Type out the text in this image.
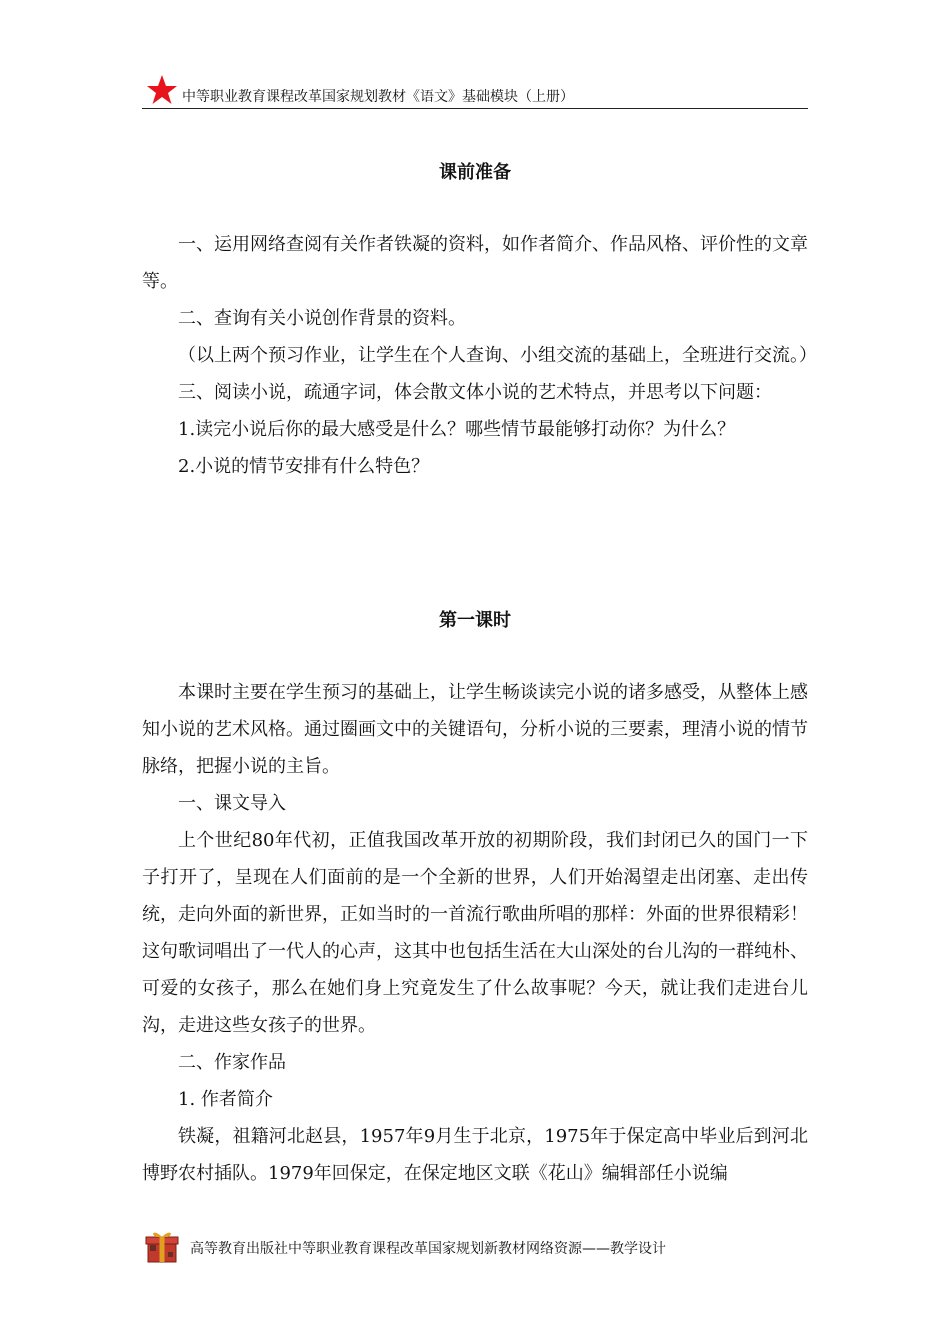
中等职业教育课程改革国家规划教材《语文》基础模块（上册）
课前准备

一、运用网络查阅有关作者铁凝的资料，如作者简介、作品风格、评价性的文章等。

二、查询有关小说创作背景的资料。

（以上两个预习作业，让学生在个人查询、小组交流的基础上，全班进行交流。）

三、阅读小说，疏通字词，体会散文体小说的艺术特点，并思考以下问题：

1.读完小说后你的最大感受是什么？哪些情节最能够打动你？为什么？

2.小说的情节安排有什么特色？

第一课时

本课时主要在学生预习的基础上，让学生畅谈读完小说的诸多感受，从整体上感知小说的艺术风格。通过圈画文中的关键语句，分析小说的三要素，理清小说的情节脉络，把握小说的主旨。

一、课文导入

上个世纪80年代初，正值我国改革开放的初期阶段，我们封闭已久的国门一下子打开了，呈现在人们面前的是一个全新的世界，人们开始渴望走出闭塞、走出传统，走向外面的新世界，正如当时的一首流行歌曲所唱的那样：外面的世界很精彩！这句歌词唱出了一代人的心声，这其中也包括生活在大山深处的台儿沟的一群纯朴、可爱的女孩子，那么在她们身上究竟发生了什么故事呢？今天，就让我们走进台儿沟，走进这些女孩子的世界。

二、作家作品

1. 作者简介

铁凝，祖籍河北赵县，1957年9月生于北京，1975年于保定高中毕业后到河北博野农村插队。1979年回保定，在保定地区文联《花山》编辑部任小说编

高等教育出版社中等职业教育课程改革国家规划新教材网络资源——教学设计
